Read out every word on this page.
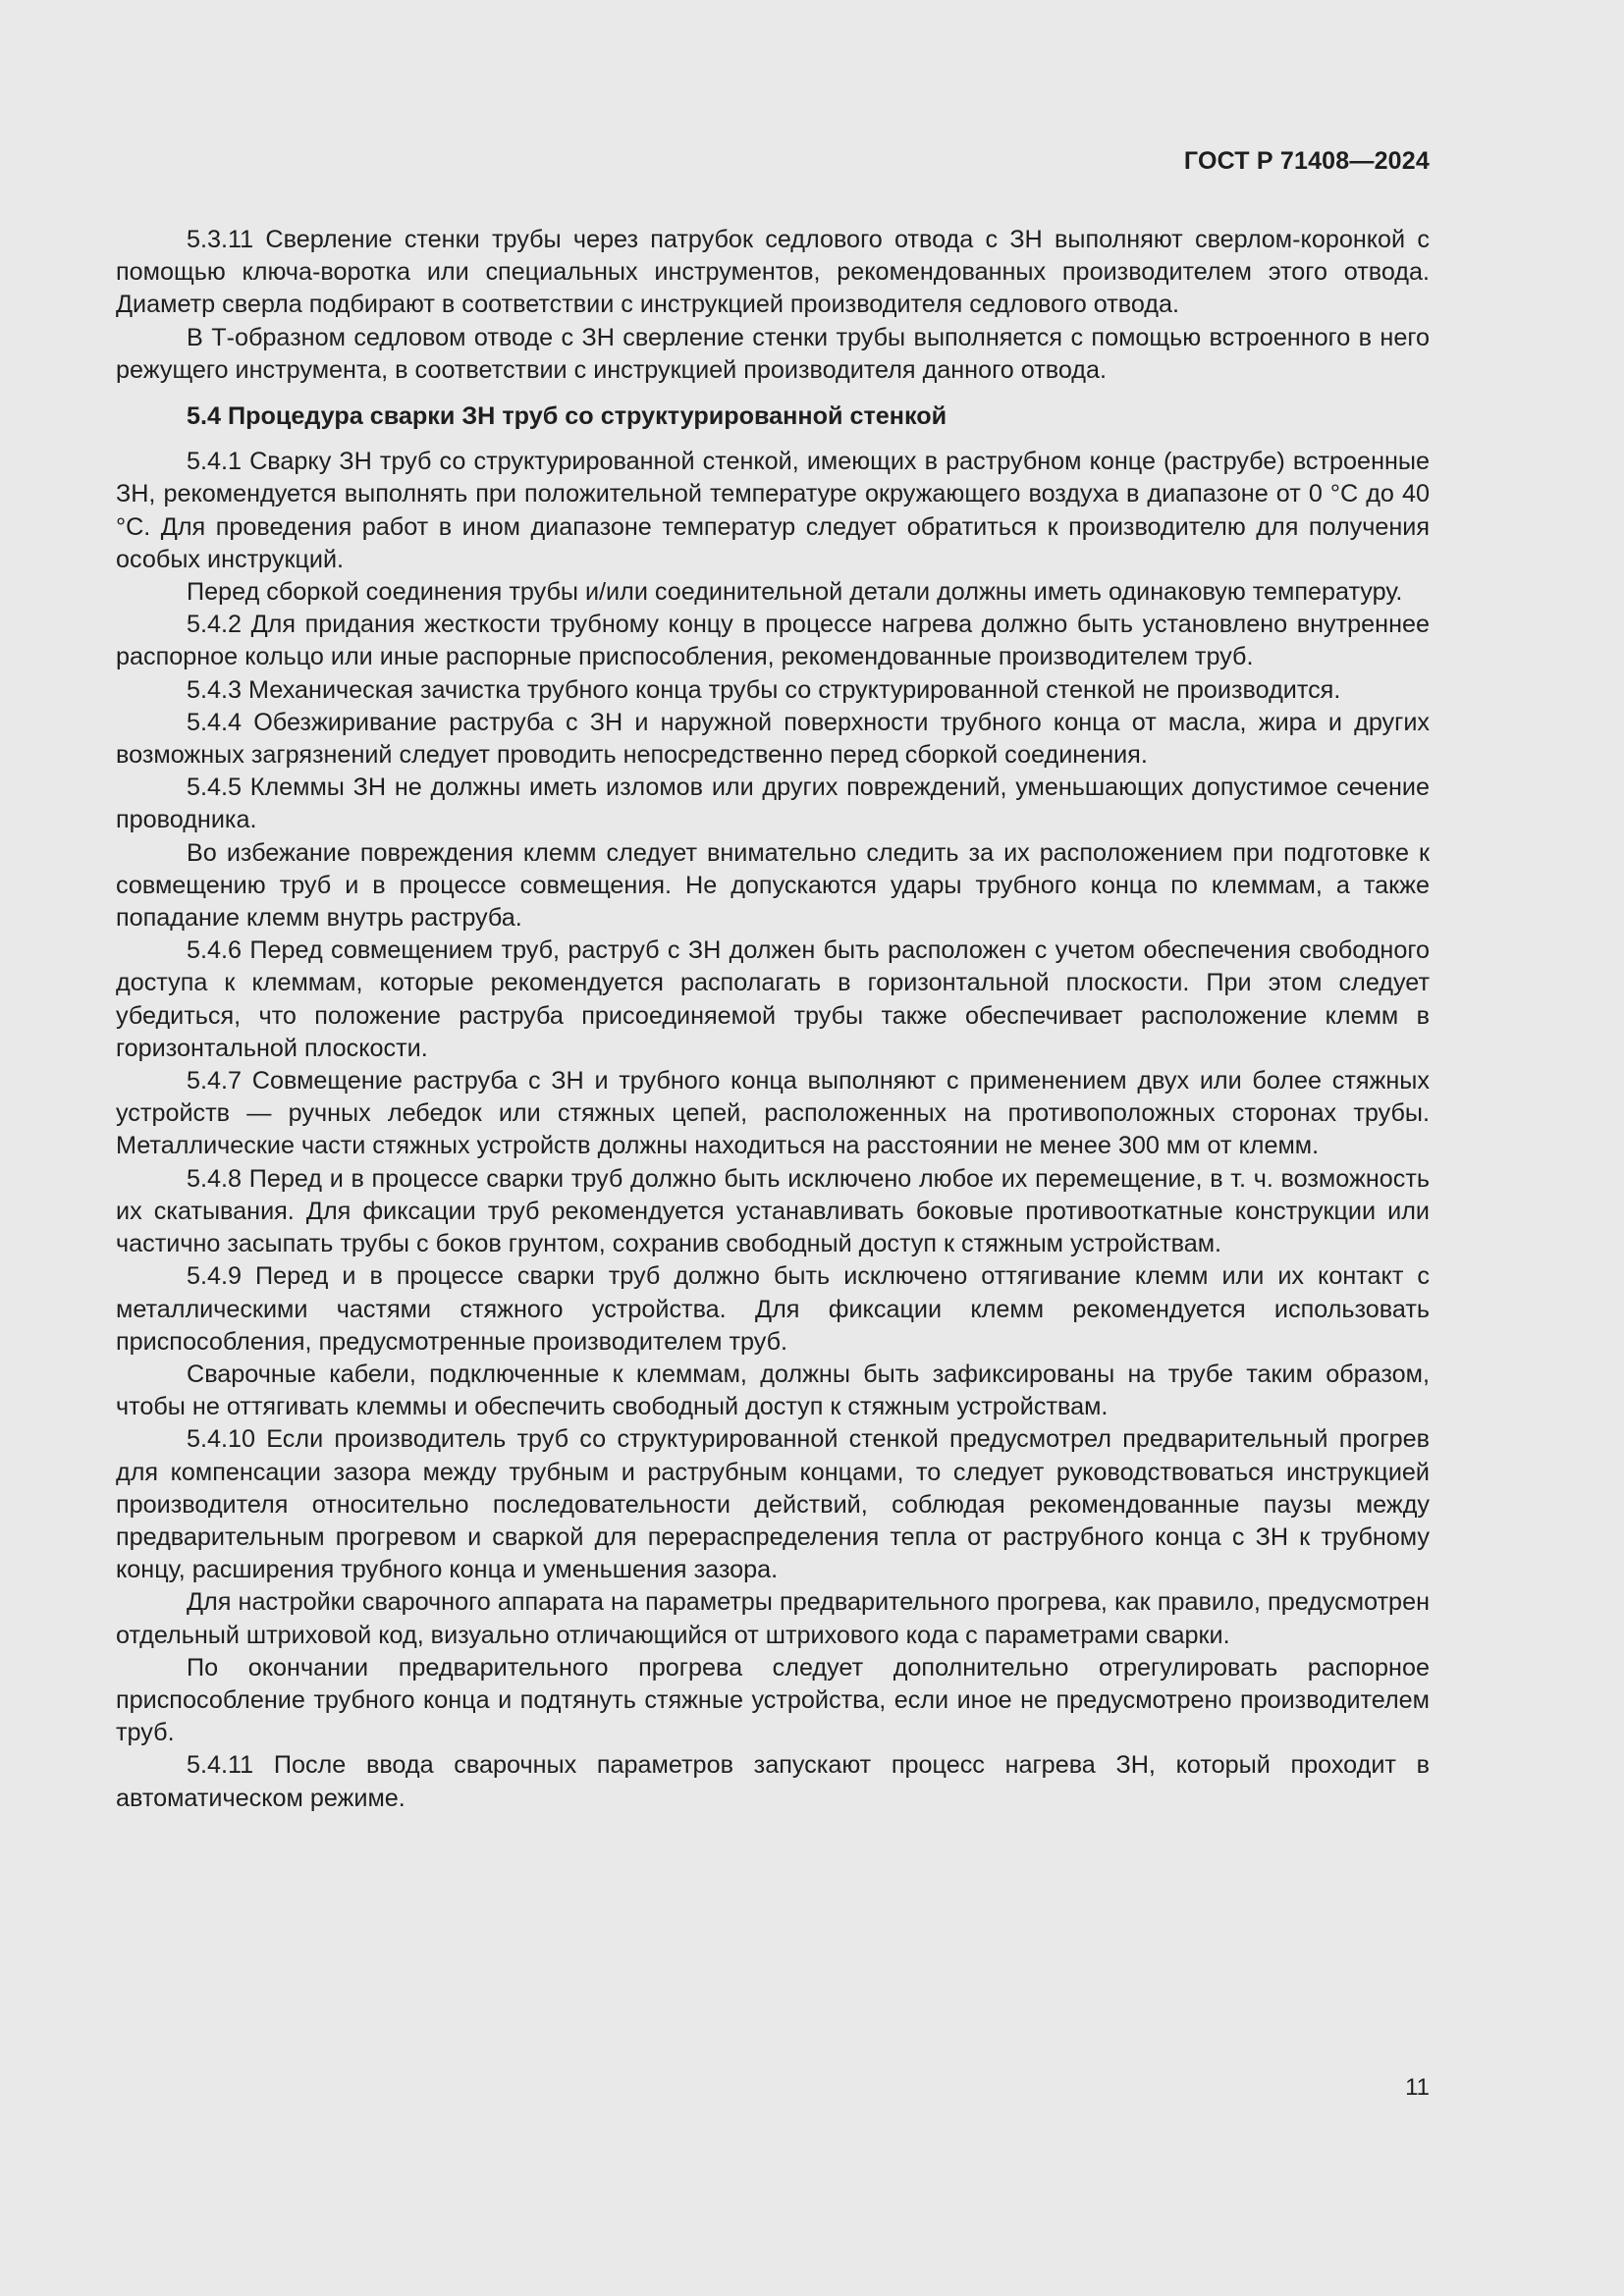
ГОСТ Р 71408—2024

5.3.11 Сверление стенки трубы через патрубок седлового отвода с ЗН выполняют сверлом-коронкой с помощью ключа-воротка или специальных инструментов, рекомендованных производителем этого отвода. Диаметр сверла подбирают в соответствии с инструкцией производителя седлового отвода.

В Т-образном седловом отводе с ЗН сверление стенки трубы выполняется с помощью встроенного в него режущего инструмента, в соответствии с инструкцией производителя данного отвода.

5.4 Процедура сварки ЗН труб со структурированной стенкой

5.4.1 Сварку ЗН труб со структурированной стенкой, имеющих в раструбном конце (раструбе) встроенные ЗН, рекомендуется выполнять при положительной температуре окружающего воздуха в диапазоне от 0 °C до 40 °C. Для проведения работ в ином диапазоне температур следует обратиться к производителю для получения особых инструкций.

Перед сборкой соединения трубы и/или соединительной детали должны иметь одинаковую температуру.

5.4.2 Для придания жесткости трубному концу в процессе нагрева должно быть установлено внутреннее распорное кольцо или иные распорные приспособления, рекомендованные производителем труб.

5.4.3 Механическая зачистка трубного конца трубы со структурированной стенкой не производится.

5.4.4 Обезжиривание раструба с ЗН и наружной поверхности трубного конца от масла, жира и других возможных загрязнений следует проводить непосредственно перед сборкой соединения.

5.4.5 Клеммы ЗН не должны иметь изломов или других повреждений, уменьшающих допустимое сечение проводника.

Во избежание повреждения клемм следует внимательно следить за их расположением при подготовке к совмещению труб и в процессе совмещения. Не допускаются удары трубного конца по клеммам, а также попадание клемм внутрь раструба.

5.4.6 Перед совмещением труб, раструб с ЗН должен быть расположен с учетом обеспечения свободного доступа к клеммам, которые рекомендуется располагать в горизонтальной плоскости. При этом следует убедиться, что положение раструба присоединяемой трубы также обеспечивает расположение клемм в горизонтальной плоскости.

5.4.7 Совмещение раструба с ЗН и трубного конца выполняют с применением двух или более стяжных устройств — ручных лебедок или стяжных цепей, расположенных на противоположных сторонах трубы. Металлические части стяжных устройств должны находиться на расстоянии не менее 300 мм от клемм.

5.4.8 Перед и в процессе сварки труб должно быть исключено любое их перемещение, в т. ч. возможность их скатывания. Для фиксации труб рекомендуется устанавливать боковые противооткатные конструкции или частично засыпать трубы с боков грунтом, сохранив свободный доступ к стяжным устройствам.

5.4.9 Перед и в процессе сварки труб должно быть исключено оттягивание клемм или их контакт с металлическими частями стяжного устройства. Для фиксации клемм рекомендуется использовать приспособления, предусмотренные производителем труб.

Сварочные кабели, подключенные к клеммам, должны быть зафиксированы на трубе таким образом, чтобы не оттягивать клеммы и обеспечить свободный доступ к стяжным устройствам.

5.4.10 Если производитель труб со структурированной стенкой предусмотрел предварительный прогрев для компенсации зазора между трубным и раструбным концами, то следует руководствоваться инструкцией производителя относительно последовательности действий, соблюдая рекомендованные паузы между предварительным прогревом и сваркой для перераспределения тепла от раструбного конца с ЗН к трубному концу, расширения трубного конца и уменьшения зазора.

Для настройки сварочного аппарата на параметры предварительного прогрева, как правило, предусмотрен отдельный штриховой код, визуально отличающийся от штрихового кода с параметрами сварки.

По окончании предварительного прогрева следует дополнительно отрегулировать распорное приспособление трубного конца и подтянуть стяжные устройства, если иное не предусмотрено производителем труб.

5.4.11 После ввода сварочных параметров запускают процесс нагрева ЗН, который проходит в автоматическом режиме.

11
